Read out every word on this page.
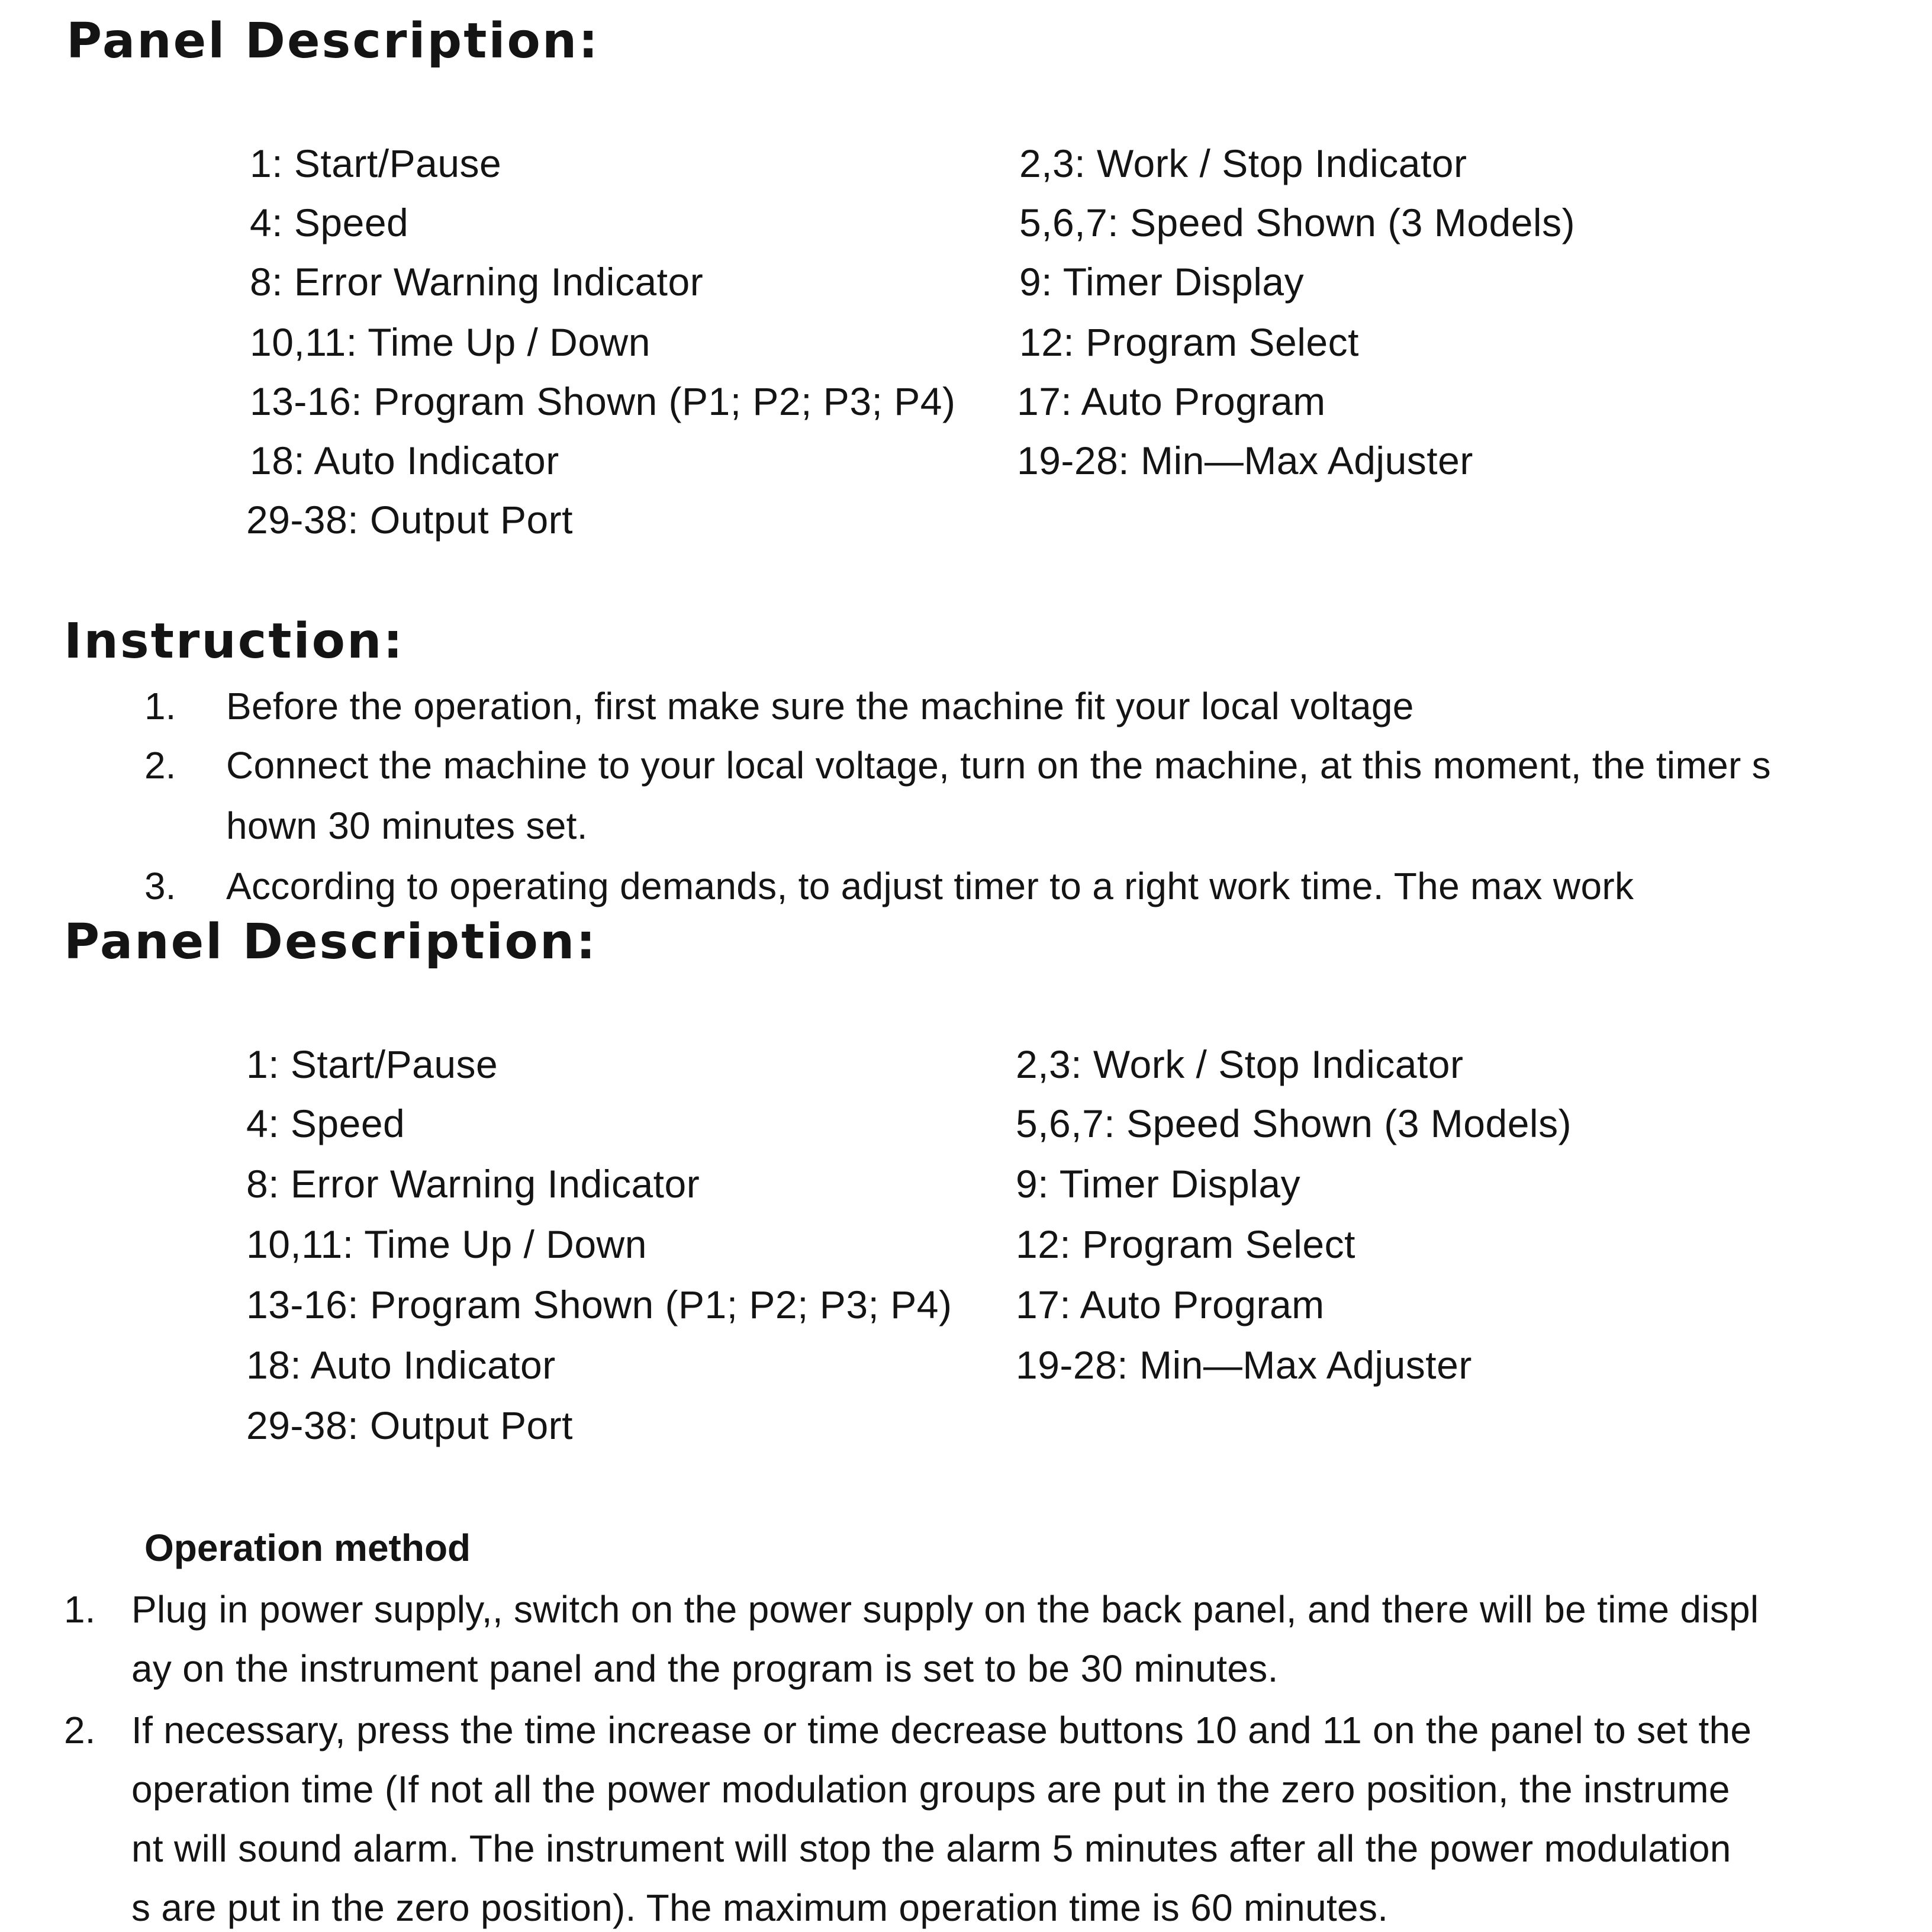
Panel Description:
1: Start/Pause
4: Speed
8: Error Warning Indicator
10,11: Time Up / Down
13-16: Program Shown (P1; P2; P3; P4)
18: Auto Indicator
29-38: Output Port
2,3: Work / Stop Indicator
5,6,7: Speed Shown (3 Models)
9: Timer Display
12: Program Select
17: Auto Program
19-28: Min—Max Adjuster
Instruction:
1. Before the operation, first make sure the machine fit your local voltage
2. Connect the machine to your local voltage, turn on the machine, at this moment, the timer s
hown 30 minutes set.
3. According to operating demands, to adjust timer to a right work time. The max work
Panel Description:
1: Start/Pause
4: Speed
8: Error Warning Indicator
10,11: Time Up / Down
13-16: Program Shown (P1; P2; P3; P4)
18: Auto Indicator
29-38: Output Port
2,3: Work / Stop Indicator
5,6,7: Speed Shown (3 Models)
9: Timer Display
12: Program Select
17: Auto Program
19-28: Min—Max Adjuster
Operation method
1. Plug in power supply,, switch on the power supply on the back panel, and there will be time displ
ay on the instrument panel and the program is set to be 30 minutes.
2. If necessary, press the time increase or time decrease buttons 10 and 11 on the panel to set the
operation time (If not all the power modulation groups are put in the zero position, the instrume
nt will sound alarm. The instrument will stop the alarm 5 minutes after all the power modulation
s are put in the zero position). The maximum operation time is 60 minutes.
